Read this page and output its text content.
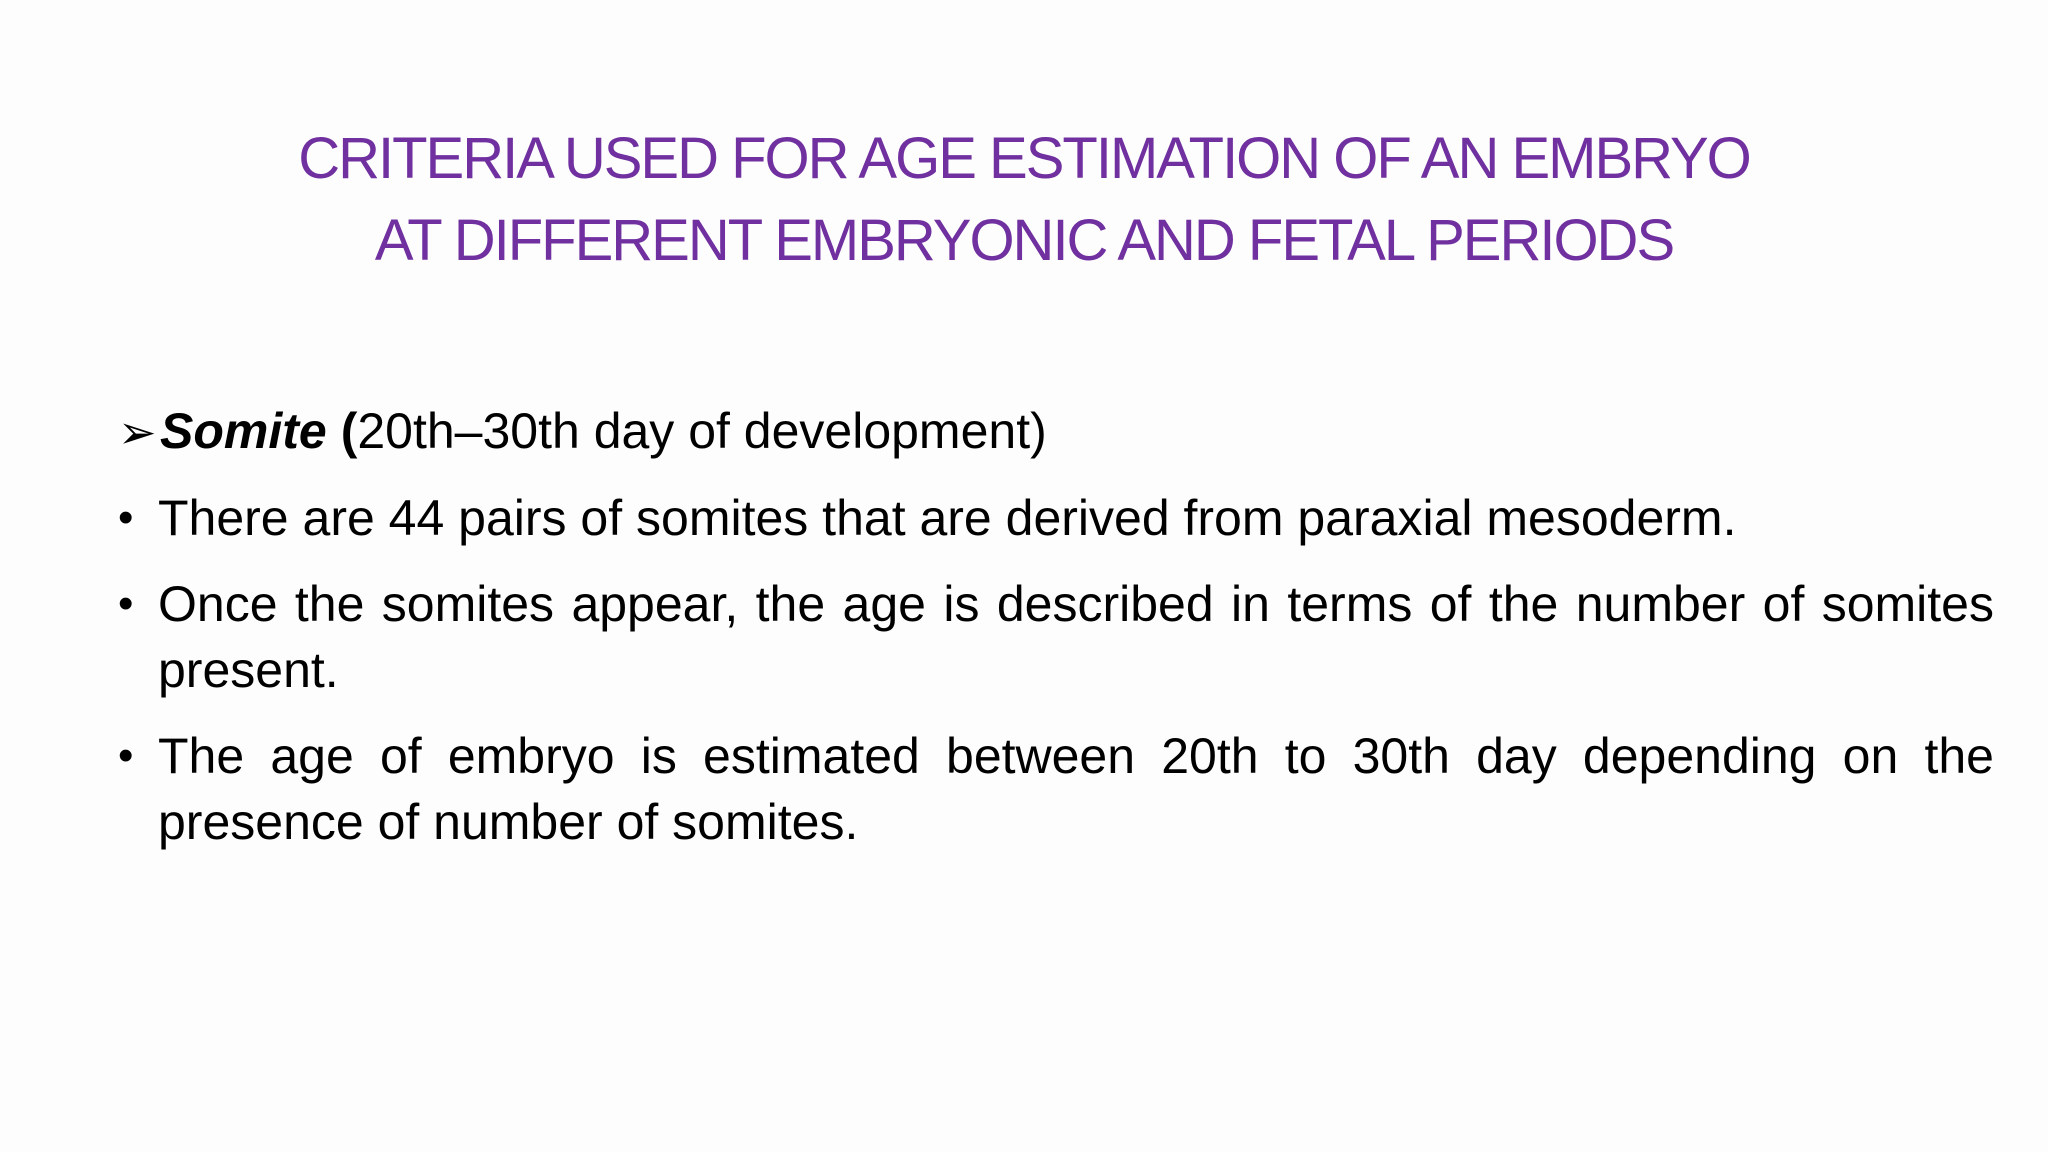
CRITERIA USED FOR AGE ESTIMATION OF AN EMBRYO
AT DIFFERENT EMBRYONIC AND FETAL PERIODS
➢ Somite ( 20th–30th day of development)
• There are 44 pairs of somites that are derived from paraxial mesoderm.
• Once the somites appear, the age is described in terms of the number of somites present.
• The age of embryo is estimated between 20th to 30th day depending on the presence of number of somites.
